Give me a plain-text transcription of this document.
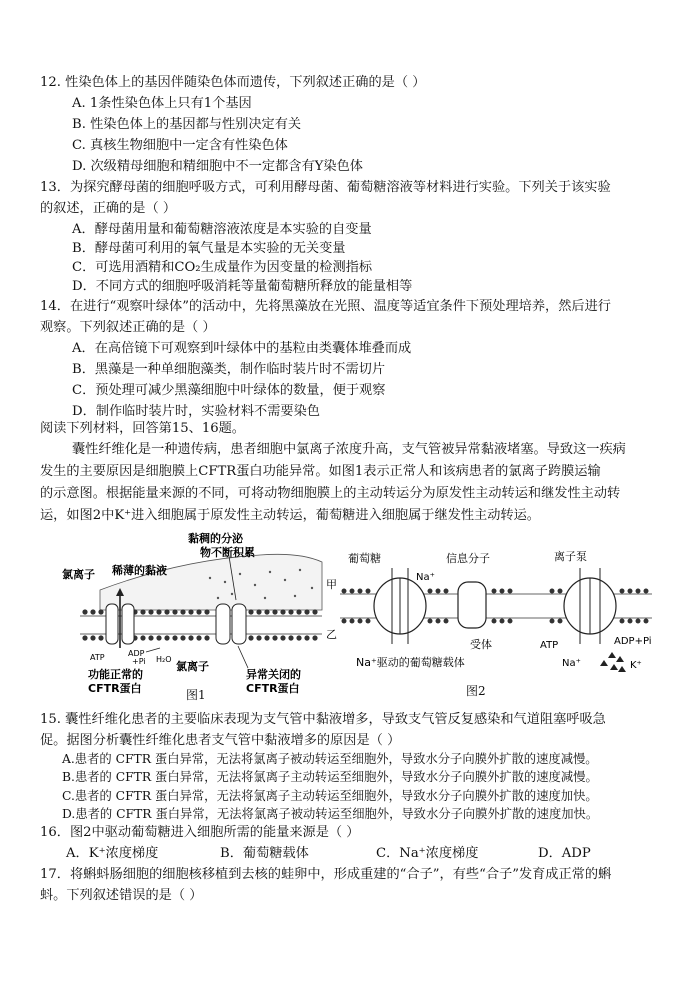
12. 性染色体上的基因伴随染色体而遗传，下列叙述正确的是（ ）
A. 1条性染色体上只有1个基因
B. 性染色体上的基因都与性别决定有关
C. 真核生物细胞中一定含有性染色体
D. 次级精母细胞和精细胞中不一定都含有Y染色体
13．为探究酵母菌的细胞呼吸方式，可利用酵母菌、葡萄糖溶液等材料进行实验。下列关于该实验
的叙述，正确的是（ ）
A．酵母菌用量和葡萄糖溶液浓度是本实验的自变量
B．酵母菌可利用的氧气量是本实验的无关变量
C．可选用酒精和CO₂生成量作为因变量的检测指标
D．不同方式的细胞呼吸消耗等量葡萄糖所释放的能量相等
14．在进行“观察叶绿体”的活动中，先将黑藻放在光照、温度等适宜条件下预处理培养，然后进行
观察。下列叙述正确的是（ ）
A．在高倍镜下可观察到叶绿体中的基粒由类囊体堆叠而成
B．黑藻是一种单细胞藻类，制作临时装片时不需切片
C．预处理可减少黑藻细胞中叶绿体的数量，便于观察
D．制作临时装片时，实验材料不需要染色
阅读下列材料，回答第15、16题。
囊性纤维化是一种遗传病，患者细胞中氯离子浓度升高，支气管被异常黏液堵塞。导致这一疾病
发生的主要原因是细胞膜上CFTR蛋白功能异常。如图1表示正常人和该病患者的氯离子跨膜运输
的示意图。根据能量来源的不同，可将动物细胞膜上的主动转运分为原发性主动转运和继发性主动转
运，如图2中K⁺进入细胞属于原发性主动转运，葡萄糖进入细胞属于继发性主动转运。
黏稠的分泌
物不断积累
氯离子 稀薄的黏液
ATP	ADP
+Pi H₂O
功能正常的
CFTR蛋白
氯离子
异常关闭的
CFTR蛋白
图1
葡萄糖
Na⁺
信息分子	离子泵
甲
乙
受体	ATP	ADP+Pi
Na⁺	K⁺
Na⁺驱动的葡萄糖载体
图2
15. 囊性纤维化患者的主要临床表现为支气管中黏液增多，导致支气管反复感染和气道阻塞呼吸急
促。据图分析囊性纤维化患者支气管中黏液增多的原因是（ ）
A.患者的 CFTR 蛋白异常，无法将氯离子被动转运至细胞外，导致水分子向膜外扩散的速度减慢。
B.患者的 CFTR 蛋白异常，无法将氯离子主动转运至细胞外，导致水分子向膜外扩散的速度减慢。
C.患者的 CFTR 蛋白异常，无法将氯离子主动转运至细胞外，导致水分子向膜外扩散的速度加快。
D.患者的 CFTR 蛋白异常，无法将氯离子被动转运至细胞外，导致水分子向膜外扩散的速度加快。
16．图2中驱动葡萄糖进入细胞所需的能量来源是（ ）
A．K⁺浓度梯度	B．葡萄糖载体	C．Na⁺浓度梯度	D．ADP
17．将蝌蚪肠细胞的细胞核移植到去核的蛙卵中，形成重建的“合子”，有些“合子”发育成正常的蝌
蚪。下列叙述错误的是（ ）
